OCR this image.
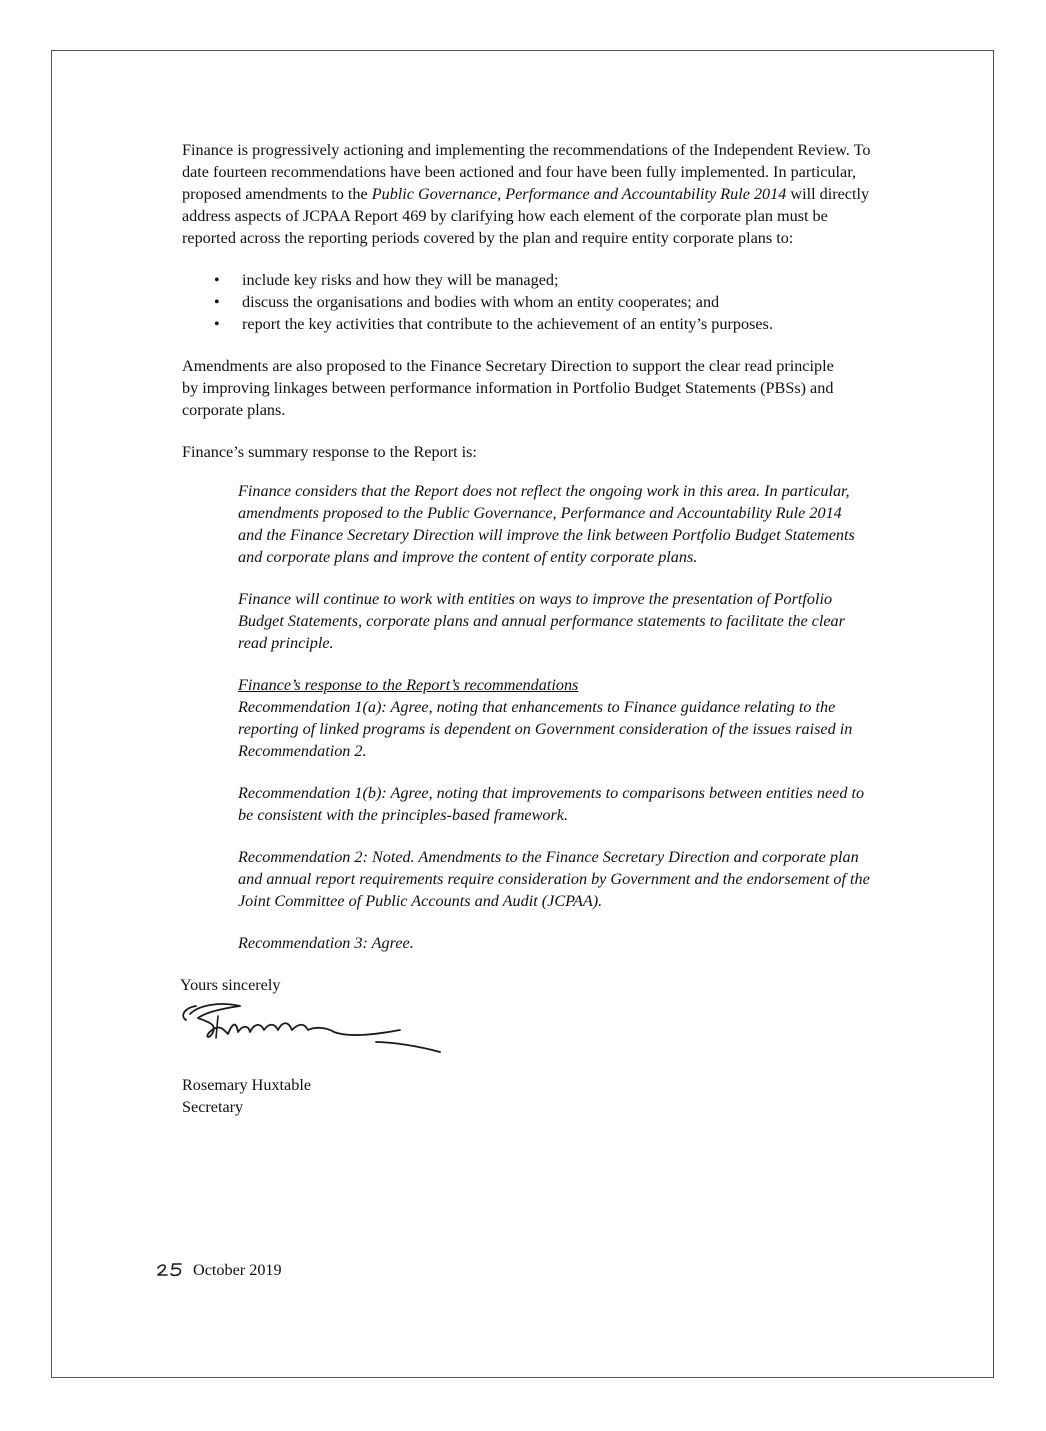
Finance is progressively actioning and implementing the recommendations of the Independent Review. To date fourteen recommendations have been actioned and four have been fully implemented. In particular, proposed amendments to the Public Governance, Performance and Accountability Rule 2014 will directly address aspects of JCPAA Report 469 by clarifying how each element of the corporate plan must be reported across the reporting periods covered by the plan and require entity corporate plans to:

• include key risks and how they will be managed;
• discuss the organisations and bodies with whom an entity cooperates; and
• report the key activities that contribute to the achievement of an entity’s purposes.

Amendments are also proposed to the Finance Secretary Direction to support the clear read principle by improving linkages between performance information in Portfolio Budget Statements (PBSs) and corporate plans.

Finance’s summary response to the Report is:

Finance considers that the Report does not reflect the ongoing work in this area. In particular, amendments proposed to the Public Governance, Performance and Accountability Rule 2014 and the Finance Secretary Direction will improve the link between Portfolio Budget Statements and corporate plans and improve the content of entity corporate plans.

Finance will continue to work with entities on ways to improve the presentation of Portfolio Budget Statements, corporate plans and annual performance statements to facilitate the clear read principle.

Finance’s response to the Report’s recommendations

Recommendation 1(a): Agree, noting that enhancements to Finance guidance relating to the reporting of linked programs is dependent on Government consideration of the issues raised in Recommendation 2.

Recommendation 1(b): Agree, noting that improvements to comparisons between entities need to be consistent with the principles-based framework.

Recommendation 2: Noted. Amendments to the Finance Secretary Direction and corporate plan and annual report requirements require consideration by Government and the endorsement of the Joint Committee of Public Accounts and Audit (JCPAA).

Recommendation 3: Agree.

Yours sincerely

Rosemary Huxtable

Secretary

October 2019
